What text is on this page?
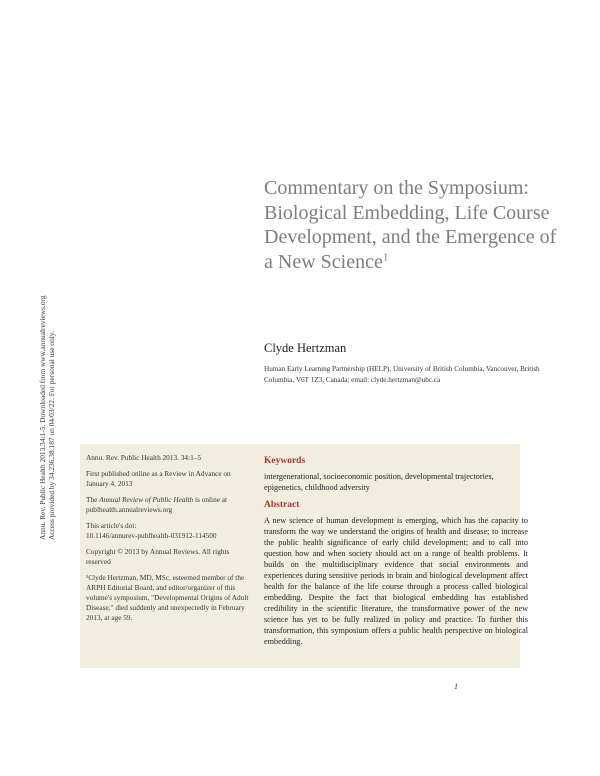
Annu. Rev. Public Health 2013.34:1-5. Downloaded from www.annualreviews.org Access provided by 34.236.38.187 on 04/03/22. For personal use only.
Commentary on the Symposium: Biological Embedding, Life Course Development, and the Emergence of a New Science$^1$
Clyde Hertzman
Human Early Learning Partnership (HELP), University of British Columbia, Vancouver, British Columbia, V6T 1Z3, Canada; email: clyde.hertzman@ubc.ca

Annu. Rev. Public Health 2013. 34:1–5

First published online as a Review in Advance on January 4, 2013

The Annual Review of Public Health is online at publhealth.annualreviews.org

This article's doi:
10.1146/annurev-publhealth-031912-114500

Copyright © 2013 by Annual Reviews. All rights reserved

¹Clyde Hertzman, MD, MSc, esteemed member of the ARPH Editorial Board, and editor/organizer of this volume's symposium, "Developmental Origins of Adult Disease," died suddenly and unexpectedly in February 2013, at age 59.

Keywords
intergenerational, socioeconomic position, developmental trajectories, epigenetics, childhood adversity
Abstract

A new science of human development is emerging, which has the capacity to transform the way we understand the origins of health and disease; to increase the public health significance of early child development; and to call into question how and when society should act on a range of health problems. It builds on the multidisciplinary evidence that social environments and experiences during sensitive periods in brain and biological development affect health for the balance of the life course through a process called biological embedding. Despite the fact that biological embedding has established credibility in the scientific literature, the transformative power of the new science has yet to be fully realized in policy and practice. To further this transformation, this symposium offers a public health perspective on biological embedding.

1
